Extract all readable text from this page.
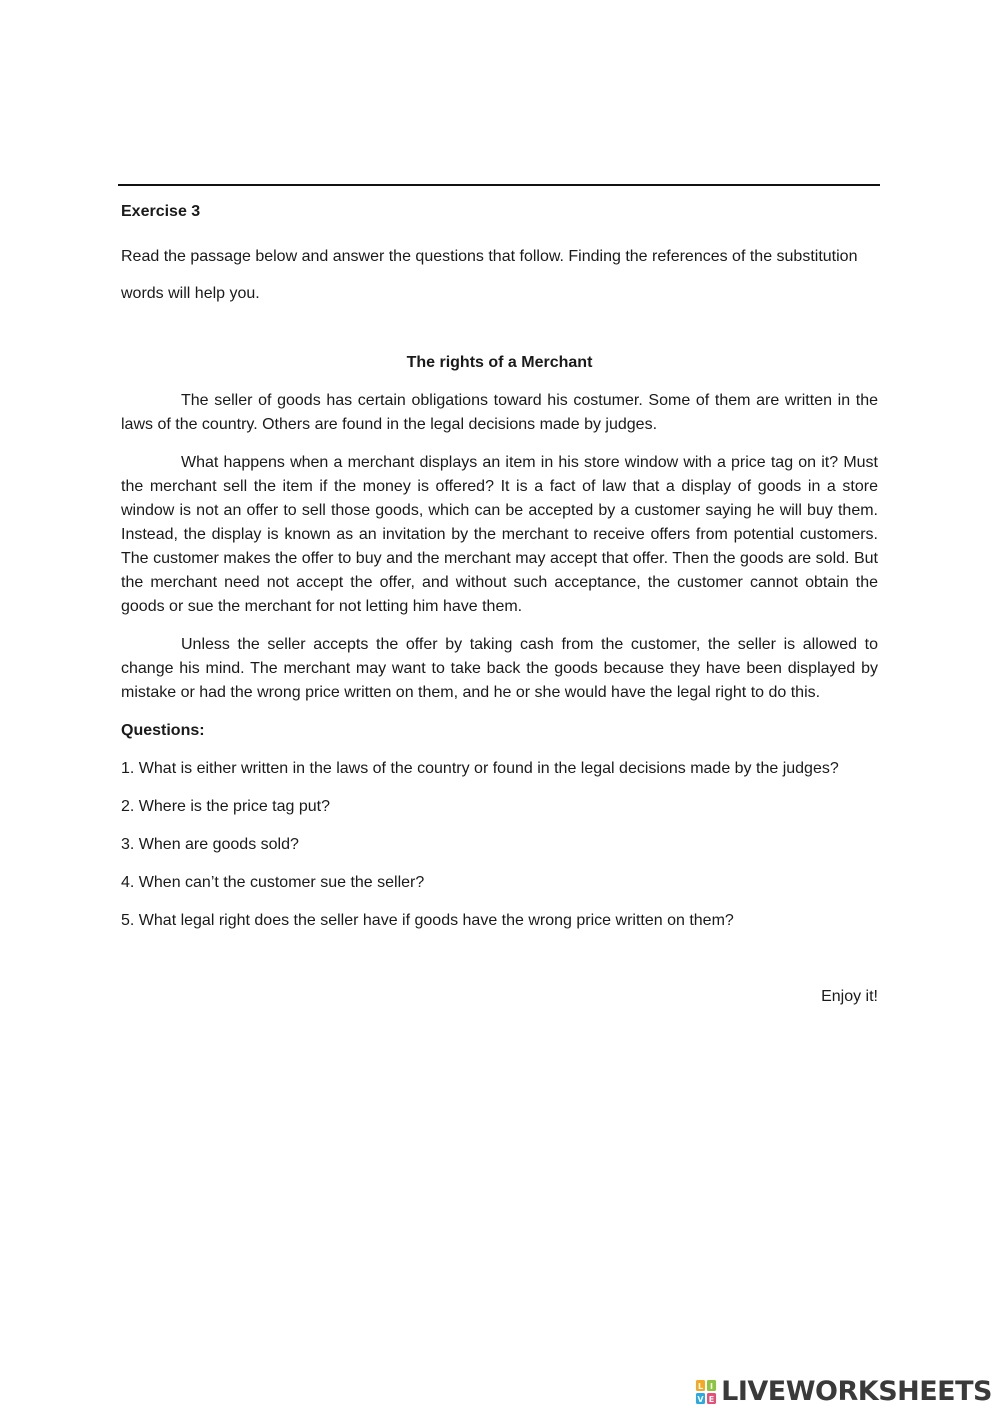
Exercise 3

Read the passage below and answer the questions that follow. Finding the references of the substitution words will help you.

The rights of a Merchant

The seller of goods has certain obligations toward his costumer. Some of them are written in the laws of the country. Others are found in the legal decisions made by judges.

What happens when a merchant displays an item in his store window with a price tag on it? Must the merchant sell the item if the money is offered? It is a fact of law that a display of goods in a store window is not an offer to sell those goods, which can be accepted by a customer saying he will buy them. Instead, the display is known as an invitation by the merchant to receive offers from potential customers. The customer makes the offer to buy and the merchant may accept that offer. Then the goods are sold. But the merchant need not accept the offer, and without such acceptance, the customer cannot obtain the goods or sue the merchant for not letting him have them.

Unless the seller accepts the offer by taking cash from the customer, the seller is allowed to change his mind. The merchant may want to take back the goods because they have been displayed by mistake or had the wrong price written on them, and he or she would have the legal right to do this.

Questions:

1. What is either written in the laws of the country or found in the legal decisions made by the judges?

2. Where is the price tag put?

3. When are goods sold?

4. When can’t the customer sue the seller?

5. What legal right does the seller have if goods have the wrong price written on them?

Enjoy it!

L I
V E LIVEWORKSHEETS
